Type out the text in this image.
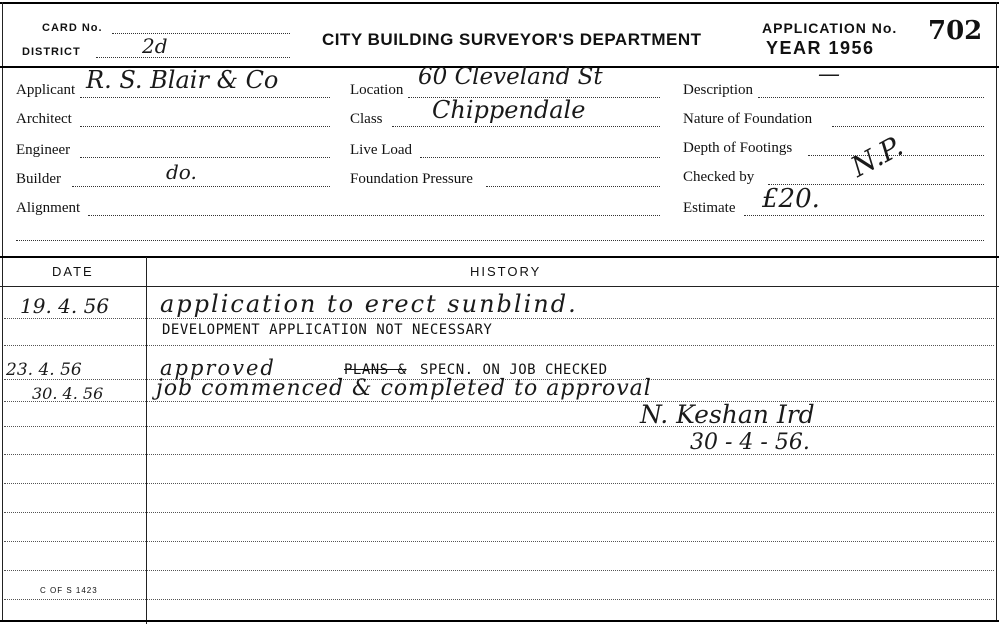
CARD No.
DISTRICT	2d	CITY BUILDING SURVEYOR'S DEPARTMENT
APPLICATION No.
YEAR 1956
702
Applicant R. S. Blair & Co
Architect
Engineer
Builder	do.
Alignment
Location 60 Cleveland St
Class Chippendale
Live Load
Foundation Pressure
Description
—
Nature of Foundation
Depth of Footings
Checked by	N.P.
Estimate £20.
DATE	HISTORY
19. 4. 56 application to erect sunblind.
DEVELOPMENT APPLICATION NOT NECESSARY
23. 4. 56	approved	PLANS & SPECN. ON JOB CHECKED
30. 4. 56 job commenced & completed to approval
N. Keshan Ird
30 - 4 - 56.
C OF S 1423
